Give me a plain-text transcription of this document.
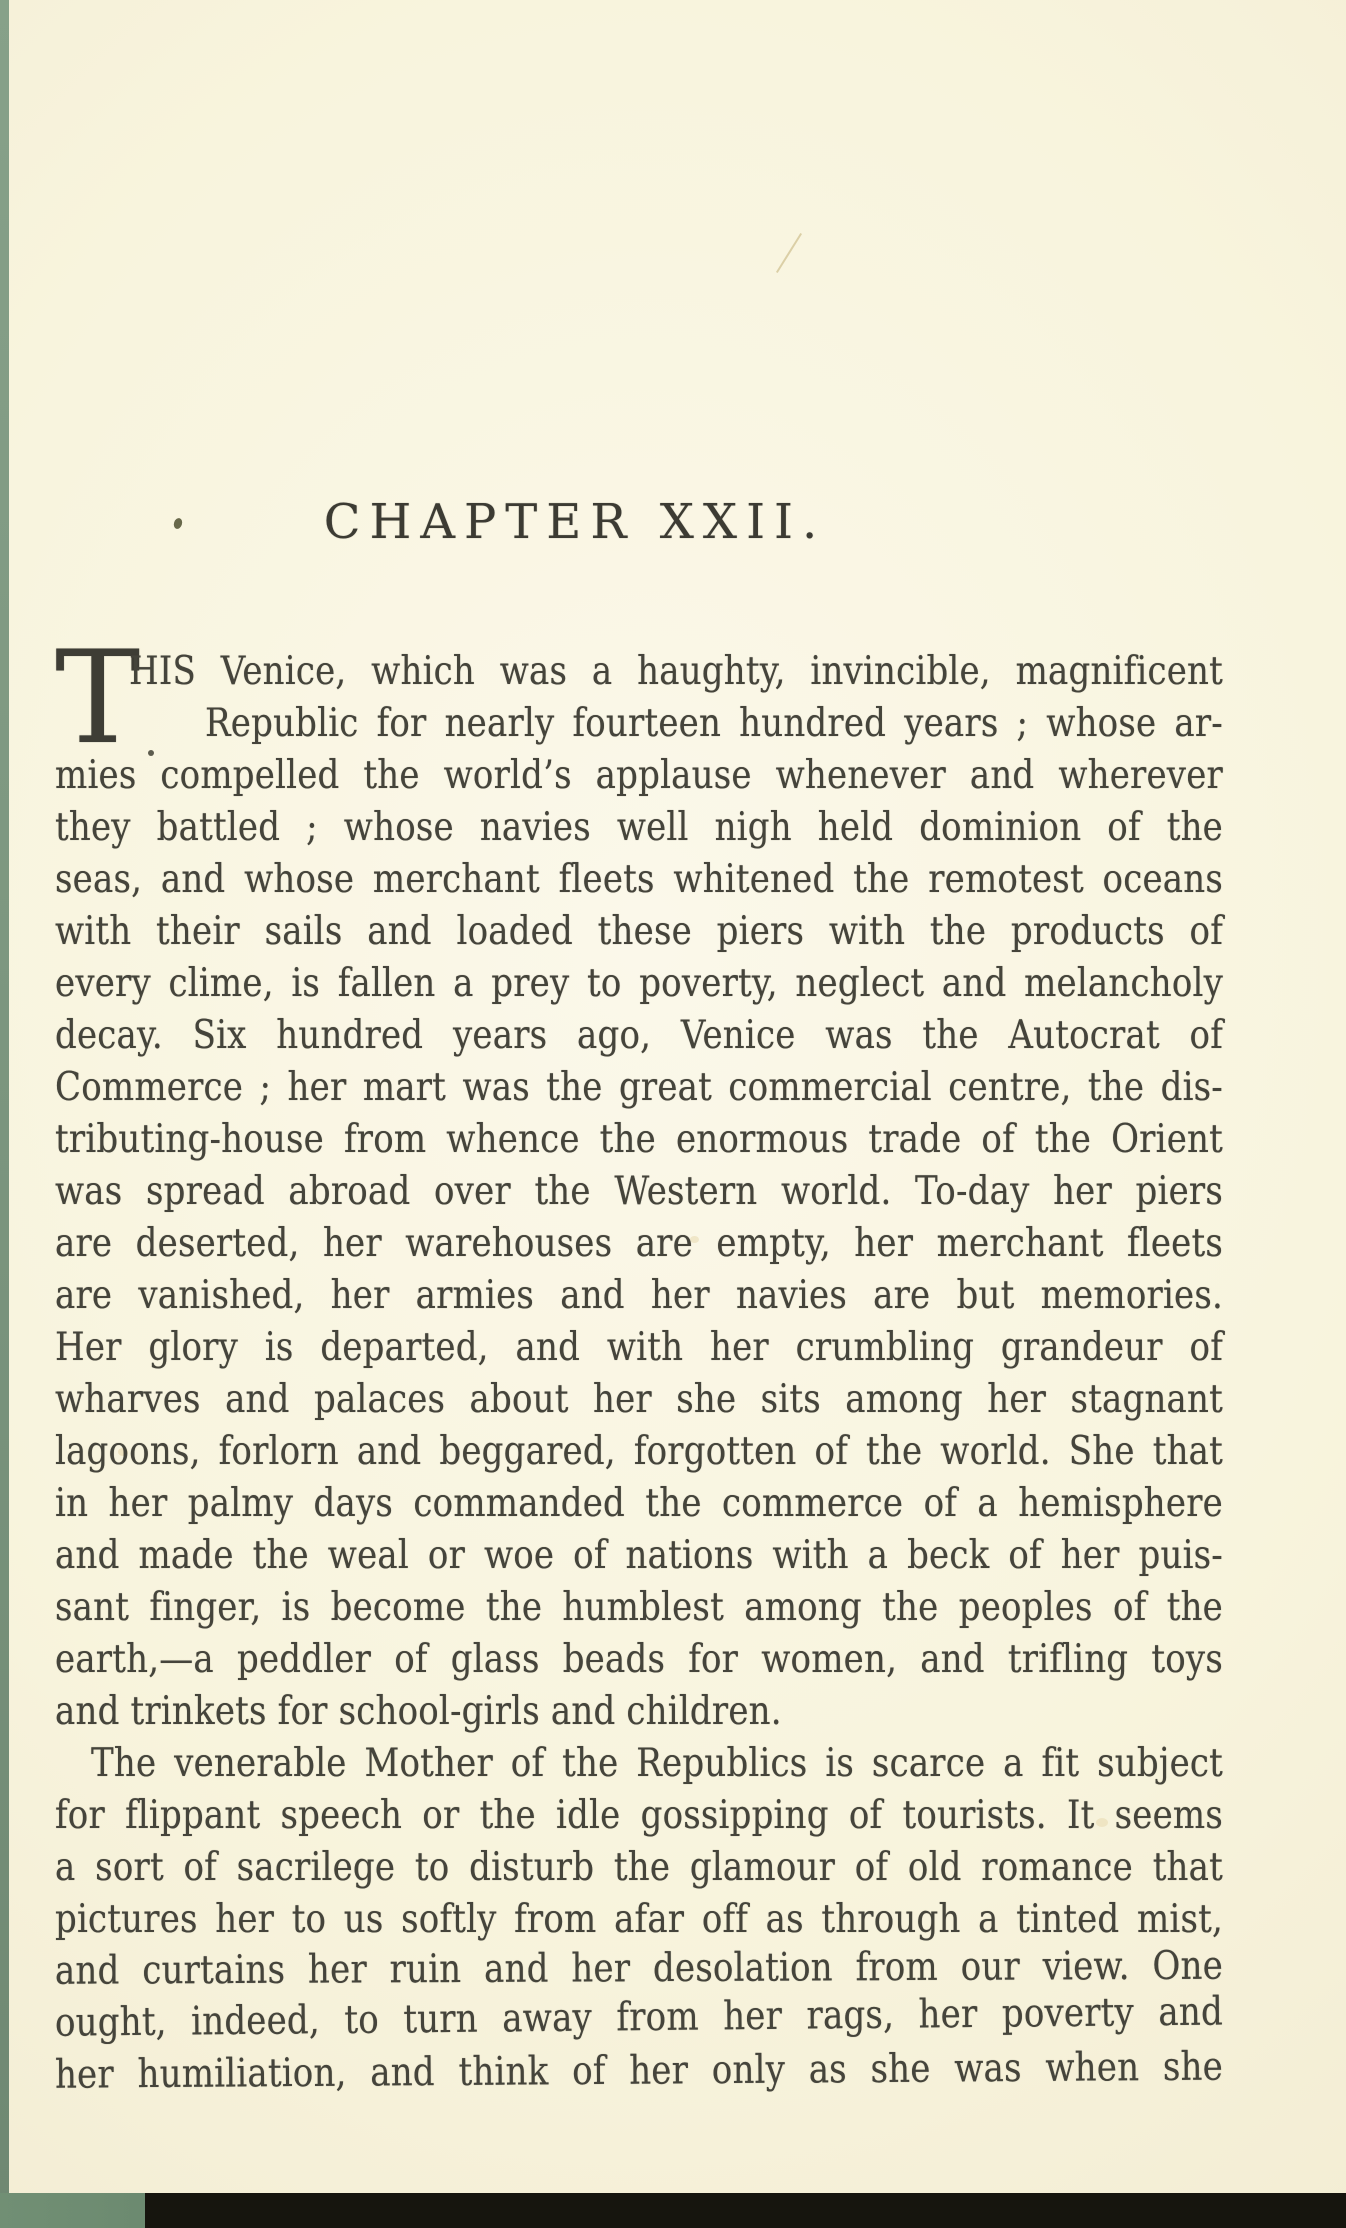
CHAPTER XXII.
T
HIS Venice, which was a haughty, invincible, magnificent
Republic for nearly fourteen hundred years ; whose ar-
mies compelled the world’s applause whenever and wherever
they battled ; whose navies well nigh held dominion of the
seas, and whose merchant fleets whitened the remotest oceans
with their sails and loaded these piers with the products of
every clime, is fallen a prey to poverty, neglect and melancholy
decay. Six hundred years ago, Venice was the Autocrat of
Commerce ; her mart was the great commercial centre, the dis-
tributing-house from whence the enormous trade of the Orient
was spread abroad over the Western world. To-day her piers
are deserted, her warehouses are empty, her merchant fleets
are vanished, her armies and her navies are but memories.
Her glory is departed, and with her crumbling grandeur of
wharves and palaces about her she sits among her stagnant
lagoons, forlorn and beggared, forgotten of the world. She that
in her palmy days commanded the commerce of a hemisphere
and made the weal or woe of nations with a beck of her puis-
sant finger, is become the humblest among the peoples of the
earth,—a peddler of glass beads for women, and trifling toys
and trinkets for school-girls and children.
The venerable Mother of the Republics is scarce a fit subject
for flippant speech or the idle gossipping of tourists. It seems
a sort of sacrilege to disturb the glamour of old romance that
pictures her to us softly from afar off as through a tinted mist,
and curtains her ruin and her desolation from our view. One
ought, indeed, to turn away from her rags, her poverty and
her humiliation, and think of her only as she was when she
